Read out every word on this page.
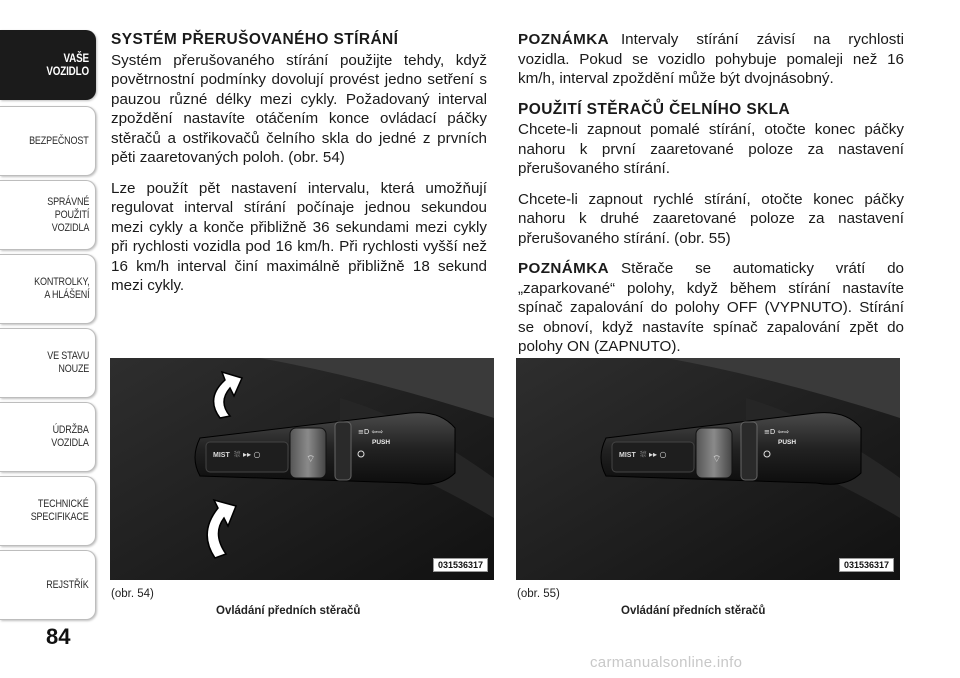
VAŠE
VOZIDLO
BEZPEČNOST
SPRÁVNÉ
POUŽITÍ
VOZIDLA
KONTROLKY,
A HLÁŠENÍ
VE STAVU
NOUZE
ÚDRŽBA
VOZIDLA
TECHNICKÉ
SPECIFIKACE
REJSTŘÍK
84
SYSTÉM PŘERUŠOVANÉHO STÍRÁNÍ

Systém přerušovaného stírání použijte tehdy, když povětrnostní podmínky dovolují provést jedno setření s pauzou různé délky mezi cykly. Požadovaný interval zpoždění nastavíte otáčením konce ovládací páčky stěračů a ostřikovačů čelního skla do jedné z prvních pěti zaaretovaných poloh. (obr. 54)

Lze použít pět nastavení intervalu, která umožňují regulovat interval stírání počínaje jednou sekundou mezi cykly a konče přibližně 36 sekundami mezi cykly při rychlosti vozidla pod 16 km/h. Při rychlosti vyšší než 16 km/h interval činí maximálně přibližně 18 sekund mezi cykly.

POZNÁMKA Intervaly stírání závisí na rychlosti vozidla. Pokud se vozidlo pohybuje pomaleji než 16 km/h, interval zpoždění může být dvojnásobný.

POUŽITÍ STĚRAČŮ ČELNÍHO SKLA

Chcete-li zapnout pomalé stírání, otočte konec páčky nahoru k první zaaretované poloze za nastavení přerušovaného stírání.

Chcete-li zapnout rychlé stírání, otočte konec páčky nahoru k druhé zaaretované poloze za nastavení přerušovaného stírání. (obr. 55)

POZNÁMKA Stěrače se automaticky vrátí do „zaparkované“ polohy, když během stírání nastavíte spínač zapalování do polohy OFF (VYPNUTO). Stírání se obnoví, když nastavíte spínač zapalování zpět do polohy ON (ZAPNUTO).

MIST ⛆ ▸▸ ○	⌔
≡D ⇦⇨
PUSH
031536317
(obr. 54)
Ovládání předních stěračů
MIST ⛆ ▸▸ ○	⌔
≡D ⇦⇨
PUSH
031536317
(obr. 55)
Ovládání předních stěračů
carmanualsonline.info
